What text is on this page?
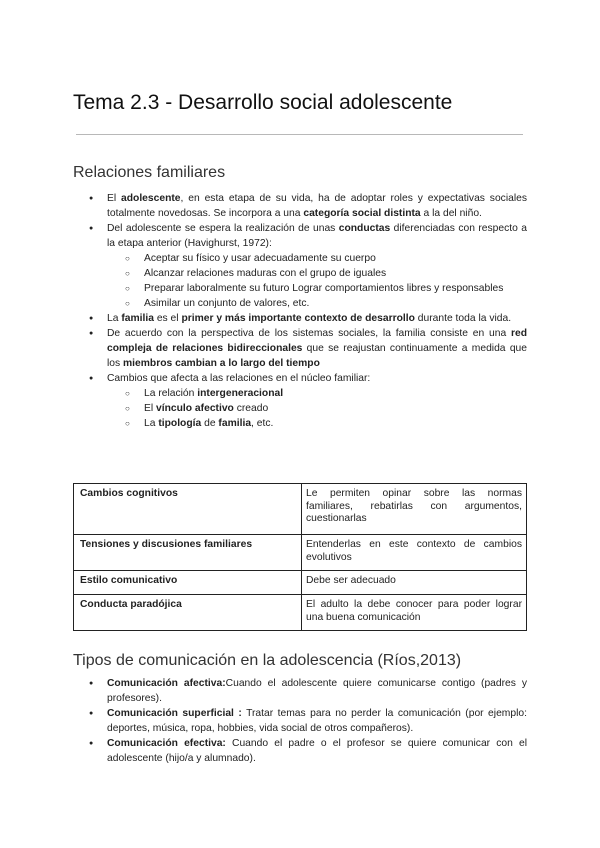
Tema 2.3 - Desarrollo social adolescente
Relaciones familiares
● El adolescente, en esta etapa de su vida, ha de adoptar roles y expectativas sociales totalmente novedosas. Se incorpora a una categoría social distinta a la del niño.
● Del adolescente se espera la realización de unas conductas diferenciadas con respecto a la etapa anterior (Havighurst, 1972):
○ Aceptar su físico y usar adecuadamente su cuerpo
○ Alcanzar relaciones maduras con el grupo de iguales
○ Preparar laboralmente su futuro Lograr comportamientos libres y responsables
○ Asimilar un conjunto de valores, etc.
● La familia es el primer y más importante contexto de desarrollo durante toda la vida.
● De acuerdo con la perspectiva de los sistemas sociales, la familia consiste en una red compleja de relaciones bidireccionales que se reajustan continuamente a medida que los miembros cambian a lo largo del tiempo
● Cambios que afecta a las relaciones en el núcleo familiar:
○ La relación intergeneracional
○ El vínculo afectivo creado
○ La tipología de familia, etc.
Cambios cognitivos	Le permiten opinar sobre las normas familiares, rebatirlas con argumentos, cuestionarlas
Tensiones y discusiones familiares	Entenderlas en este contexto de cambios evolutivos
Estilo comunicativo	Debe ser adecuado
Conducta paradójica	El adulto la debe conocer para poder lograr una buena comunicación
Tipos de comunicación en la adolescencia (Ríos,2013)
● Comunicación afectiva:Cuando el adolescente quiere comunicarse contigo (padres y profesores).
● Comunicación superficial : Tratar temas para no perder la comunicación (por ejemplo: deportes, música, ropa, hobbies, vida social de otros compañeros).
● Comunicación efectiva: Cuando el padre o el profesor se quiere comunicar con el adolescente (hijo/a y alumnado).
